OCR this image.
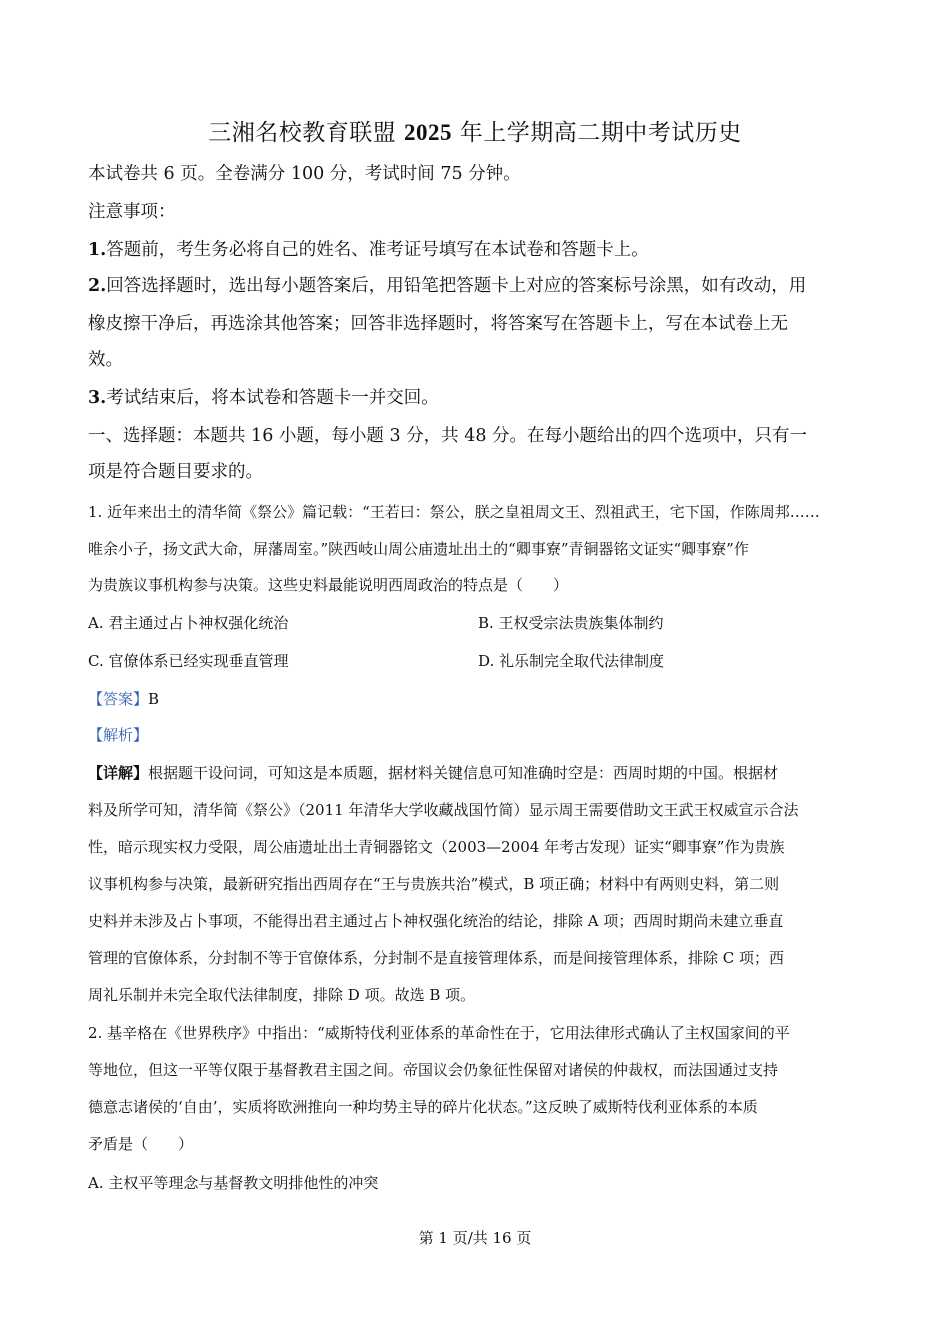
三湘名校教育联盟 2025 年上学期高二期中考试历史
本试卷共 6 页。全卷满分 100 分，考试时间 75 分钟。
注意事项：
1.答题前，考生务必将自己的姓名、准考证号填写在本试卷和答题卡上。
2.回答选择题时，选出每小题答案后，用铅笔把答题卡上对应的答案标号涂黑，如有改动，用
橡皮擦干净后，再选涂其他答案；回答非选择题时，将答案写在答题卡上，写在本试卷上无
效。
3.考试结束后，将本试卷和答题卡一并交回。
一、选择题：本题共 16 小题，每小题 3 分，共 48 分。在每小题给出的四个选项中，只有一
项是符合题目要求的。
1. 近年来出土的清华简《祭公》篇记载：“王若曰：祭公，朕之皇祖周文王、烈祖武王，宅下国，作陈周邦……
唯余小子，扬文武大命，屏藩周室。”陕西岐山周公庙遗址出土的“卿事寮”青铜器铭文证实“卿事寮”作
为贵族议事机构参与决策。这些史料最能说明西周政治的特点是（　　）
A. 君主通过占卜神权强化统治	B. 王权受宗法贵族集体制约
C. 官僚体系已经实现垂直管理	D. 礼乐制完全取代法律制度
【答案】B
【解析】
【详解】根据题干设问词，可知这是本质题，据材料关键信息可知准确时空是：西周时期的中国。根据材
料及所学可知，清华简《祭公》（2011 年清华大学收藏战国竹简）显示周王需要借助文王武王权威宣示合法
性，暗示现实权力受限，周公庙遗址出土青铜器铭文（2003—2004 年考古发现）证实“卿事寮”作为贵族
议事机构参与决策，最新研究指出西周存在“王与贵族共治”模式，B 项正确；材料中有两则史料，第二则
史料并未涉及占卜事项，不能得出君主通过占卜神权强化统治的结论，排除 A 项；西周时期尚未建立垂直
管理的官僚体系，分封制不等于官僚体系，分封制不是直接管理体系，而是间接管理体系，排除 C 项；西
周礼乐制并未完全取代法律制度，排除 D 项。故选 B 项。
2. 基辛格在《世界秩序》中指出：“威斯特伐利亚体系的革命性在于，它用法律形式确认了主权国家间的平
等地位，但这一平等仅限于基督教君主国之间。帝国议会仍象征性保留对诸侯的仲裁权，而法国通过支持
德意志诸侯的‘自由’，实质将欧洲推向一种均势主导的碎片化状态。”这反映了威斯特伐利亚体系的本质
矛盾是（　　）
A. 主权平等理念与基督教文明排他性的冲突
第 1 页/共 16 页
